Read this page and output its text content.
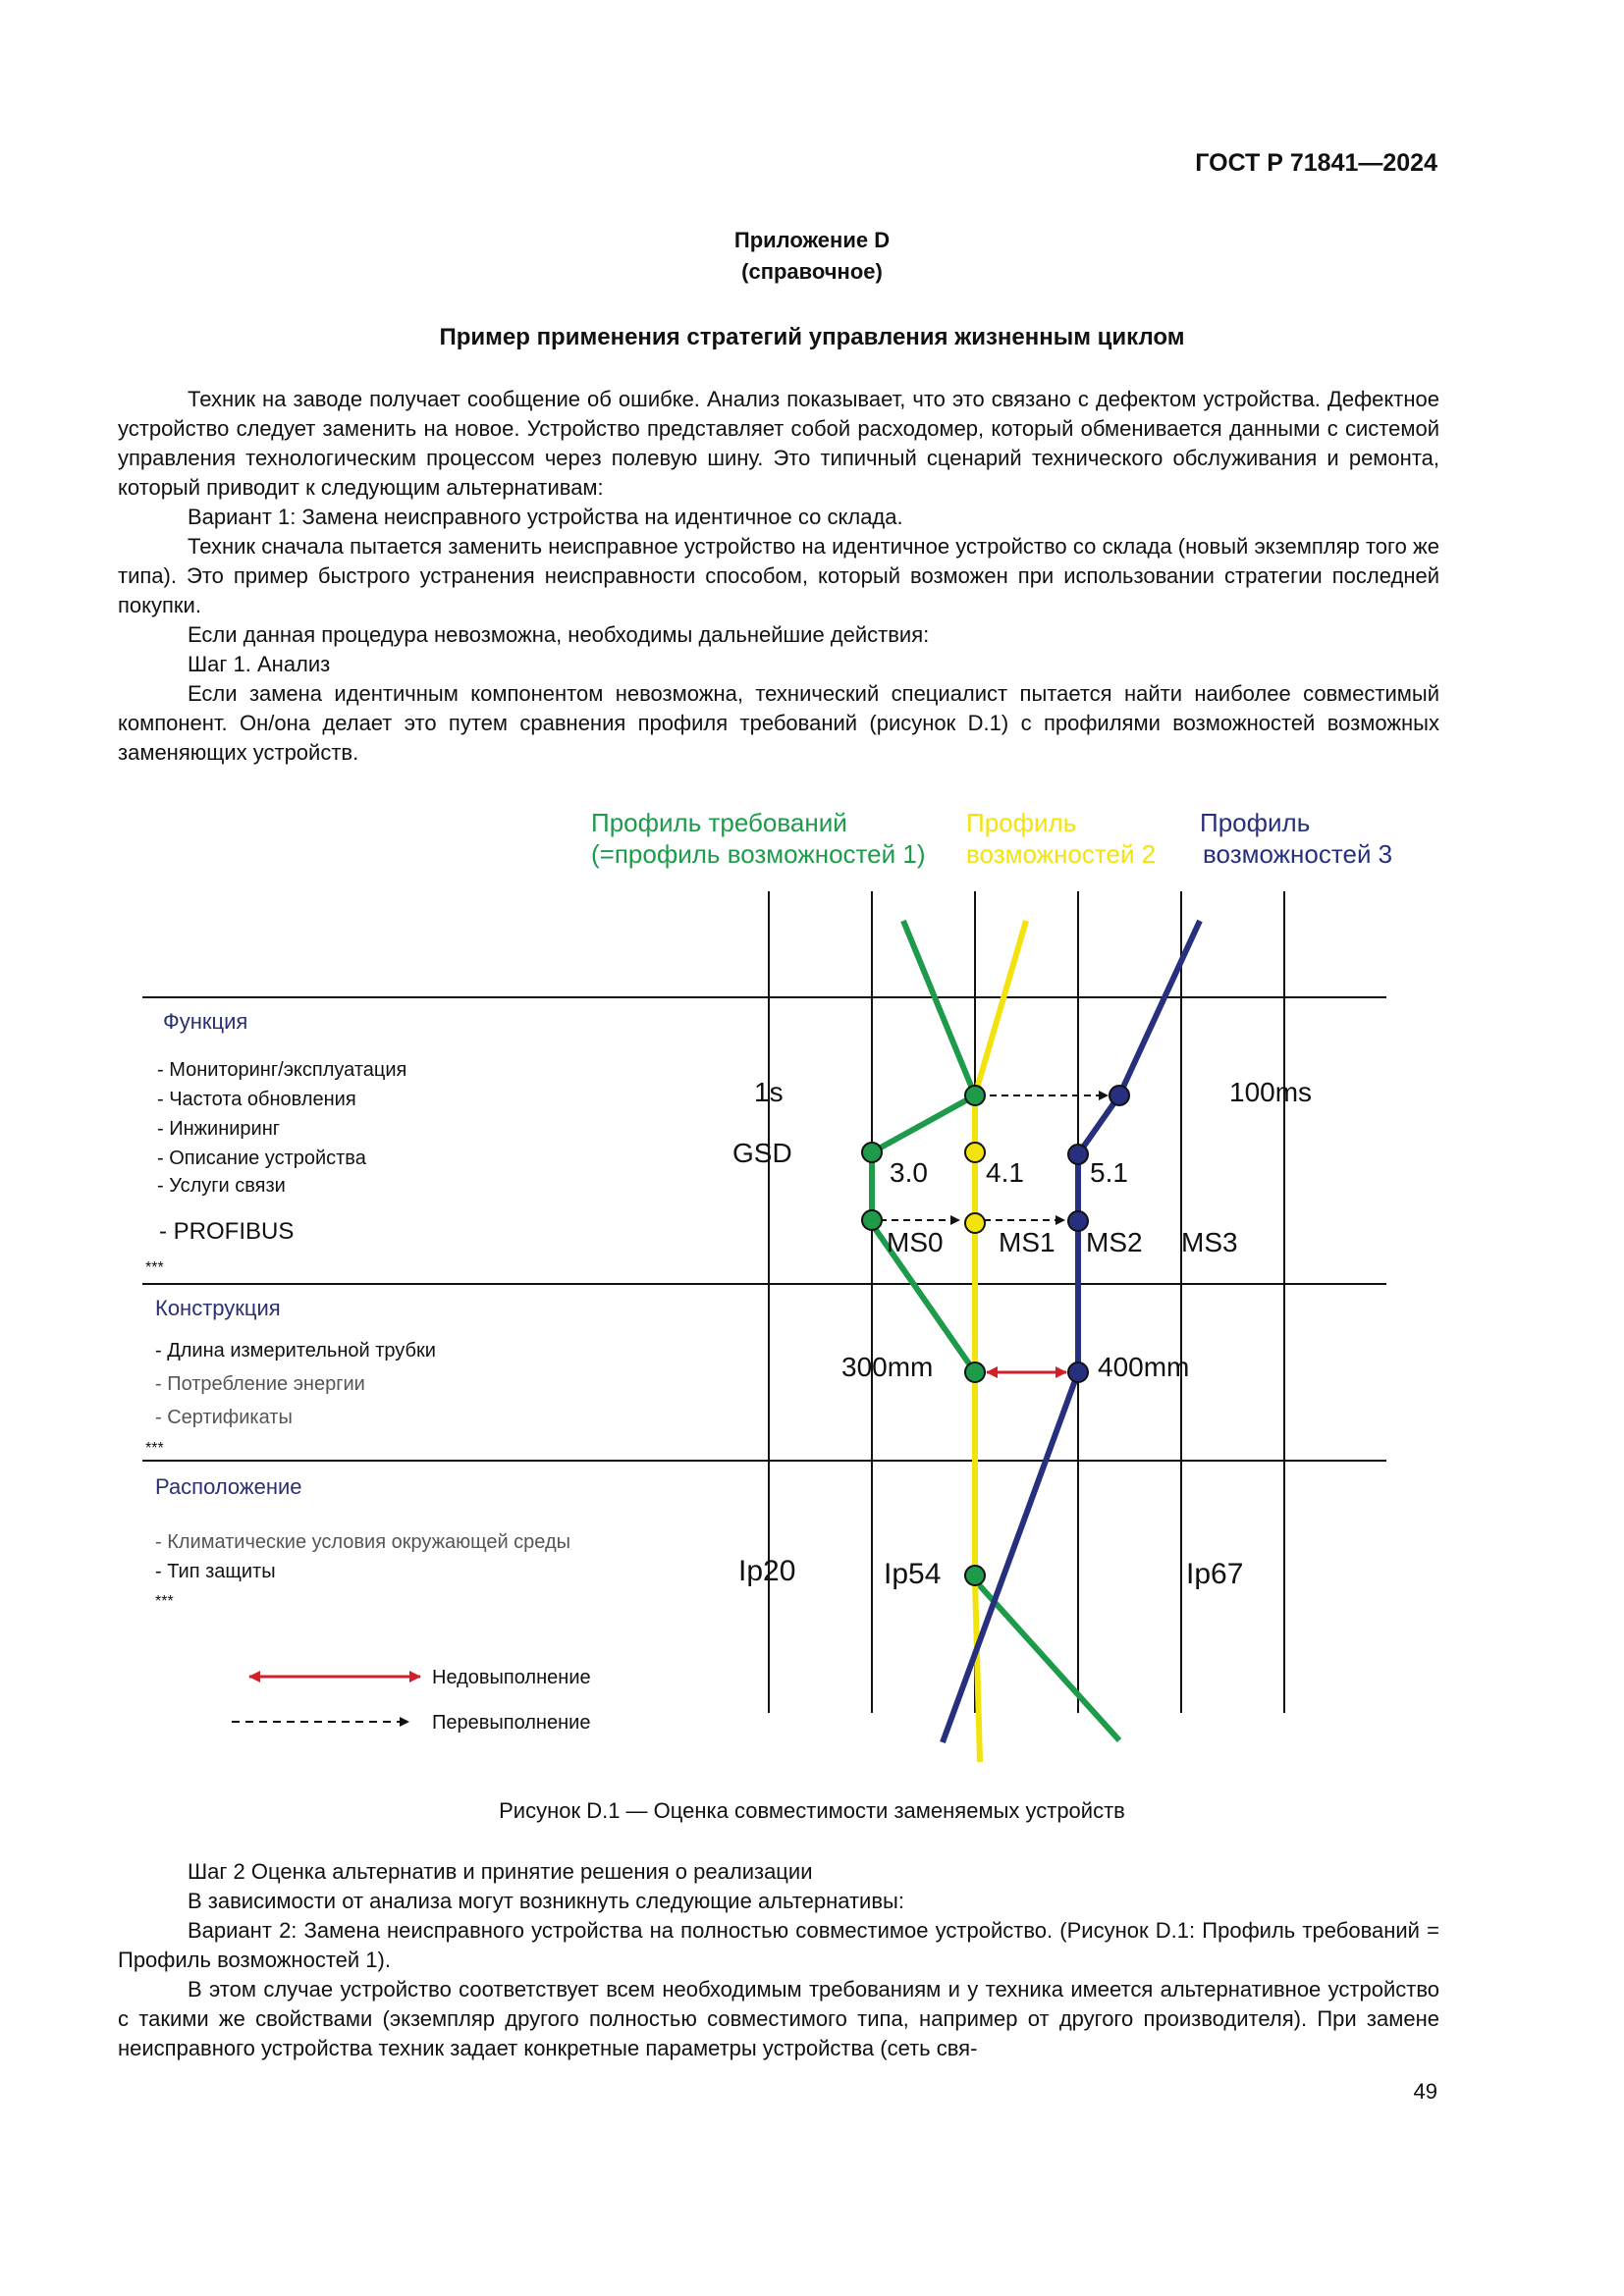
ГОСТ Р 71841—2024
Приложение D
(справочное)
Пример применения стратегий управления жизненным циклом

Техник на заводе получает сообщение об ошибке. Анализ показывает, что это связано с дефектом устройства. Дефектное устройство следует заменить на новое. Устройство представляет собой расходомер, который обменивается данными с системой управления технологическим процессом через полевую шину. Это типичный сценарий технического обслуживания и ремонта, который приводит к следующим альтернативам:

Вариант 1: Замена неисправного устройства на идентичное со склада.

Техник сначала пытается заменить неисправное устройство на идентичное устройство со склада (новый экземпляр того же типа). Это пример быстрого устранения неисправности способом, который возможен при использовании стратегии последней покупки.

Если данная процедура невозможна, необходимы дальнейшие действия:

Шаг 1. Анализ

Если замена идентичным компонентом невозможна, технический специалист пытается найти наиболее совместимый компонент. Он/она делает это путем сравнения профиля требований (рисунок D.1) с профилями возможностей возможных заменяющих устройств.

Профиль требований
(=профиль возможностей 1)
Профиль
возможностей 2
Профиль
возможностей 3
Функция
- Мониторинг/эксплуатация
- Частота обновления
- Инжиниринг
- Описание устройства
- Услуги связи
- PROFIBUS
***
Конструкция
- Длина измерительной трубки
- Потребление энергии
- Сертификаты
***
Расположение
- Климатические условия окружающей среды
- Тип защиты
***
1s	100ms
GSD
3.0 4.1 5.1
MS0 MS1 MS2 MS3
300mm	400mm
Ip20	Ip54	Ip67
Недовыполнение
Перевыполнение
Рисунок D.1 — Оценка совместимости заменяемых устройств

Шаг 2 Оценка альтернатив и принятие решения о реализации

В зависимости от анализа могут возникнуть следующие альтернативы:

Вариант 2: Замена неисправного устройства на полностью совместимое устройство. (Рисунок D.1: Профиль требований = Профиль возможностей 1).

В этом случае устройство соответствует всем необходимым требованиям и у техника имеется альтернативное устройство с такими же свойствами (экземпляр другого полностью совместимого типа, например от другого производителя). При замене неисправного устройства техник задает конкретные параметры устройства (сеть свя-

49
